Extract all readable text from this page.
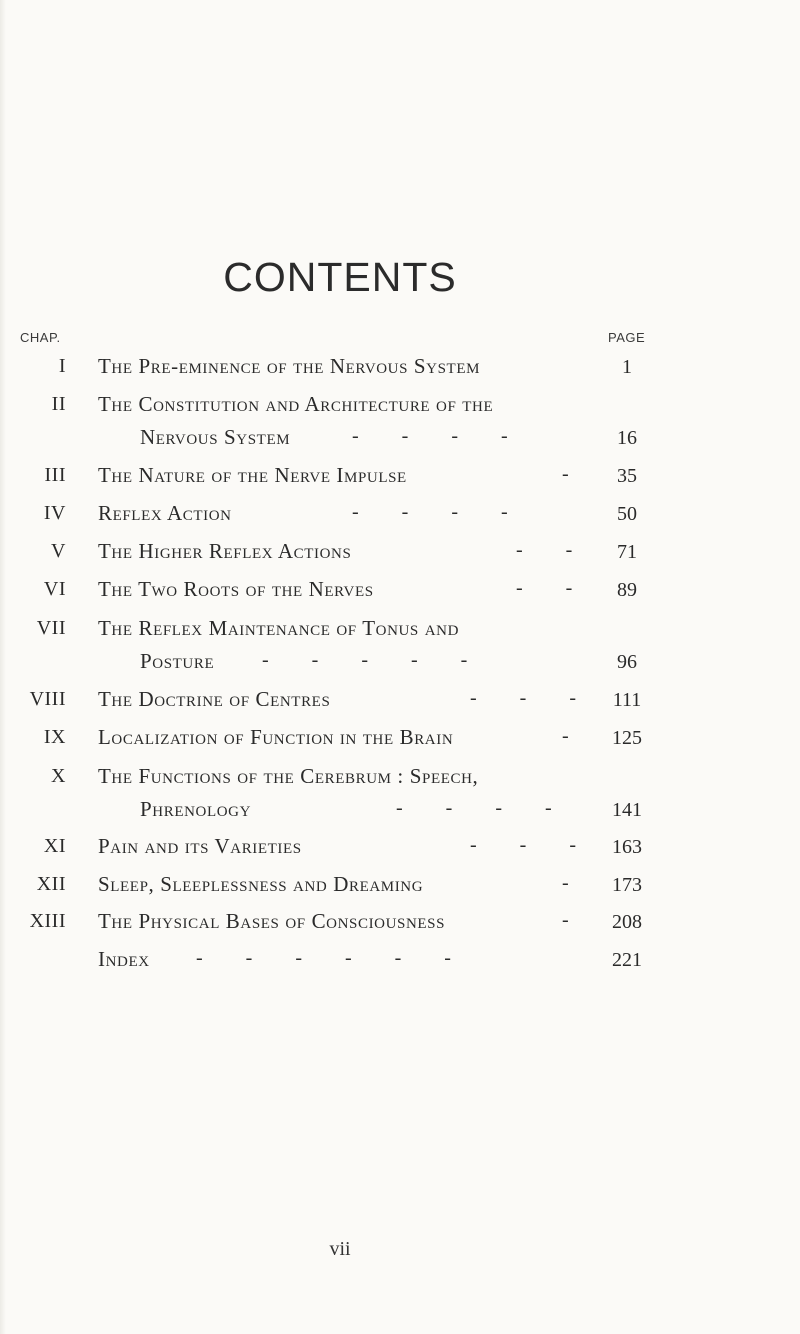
CONTENTS
CHAP.	PAGE
I The Pre-eminence of the Nervous System	1
II The Constitution and Architecture of the
Nervous System	- - - -	16
III The Nature of the Nerve Impulse	-	35
IV Reflex Action	- - - -	50
V The Higher Reflex Actions	- -	71
VI The Two Roots of the Nerves	- -	89
VII The Reflex Maintenance of Tonus and
Posture - - - - -	96
VIII The Doctrine of Centres	- - -	111
IX Localization of Function in the Brain	-	125
X The Functions of the Cerebrum : Speech,
Phrenology	- - - -	141
XI Pain and its Varieties	- - -	163
XII Sleep, Sleeplessness and Dreaming	-	173
XIII The Physical Bases of Consciousness	-	208
Index - - - - - -	221
vii
